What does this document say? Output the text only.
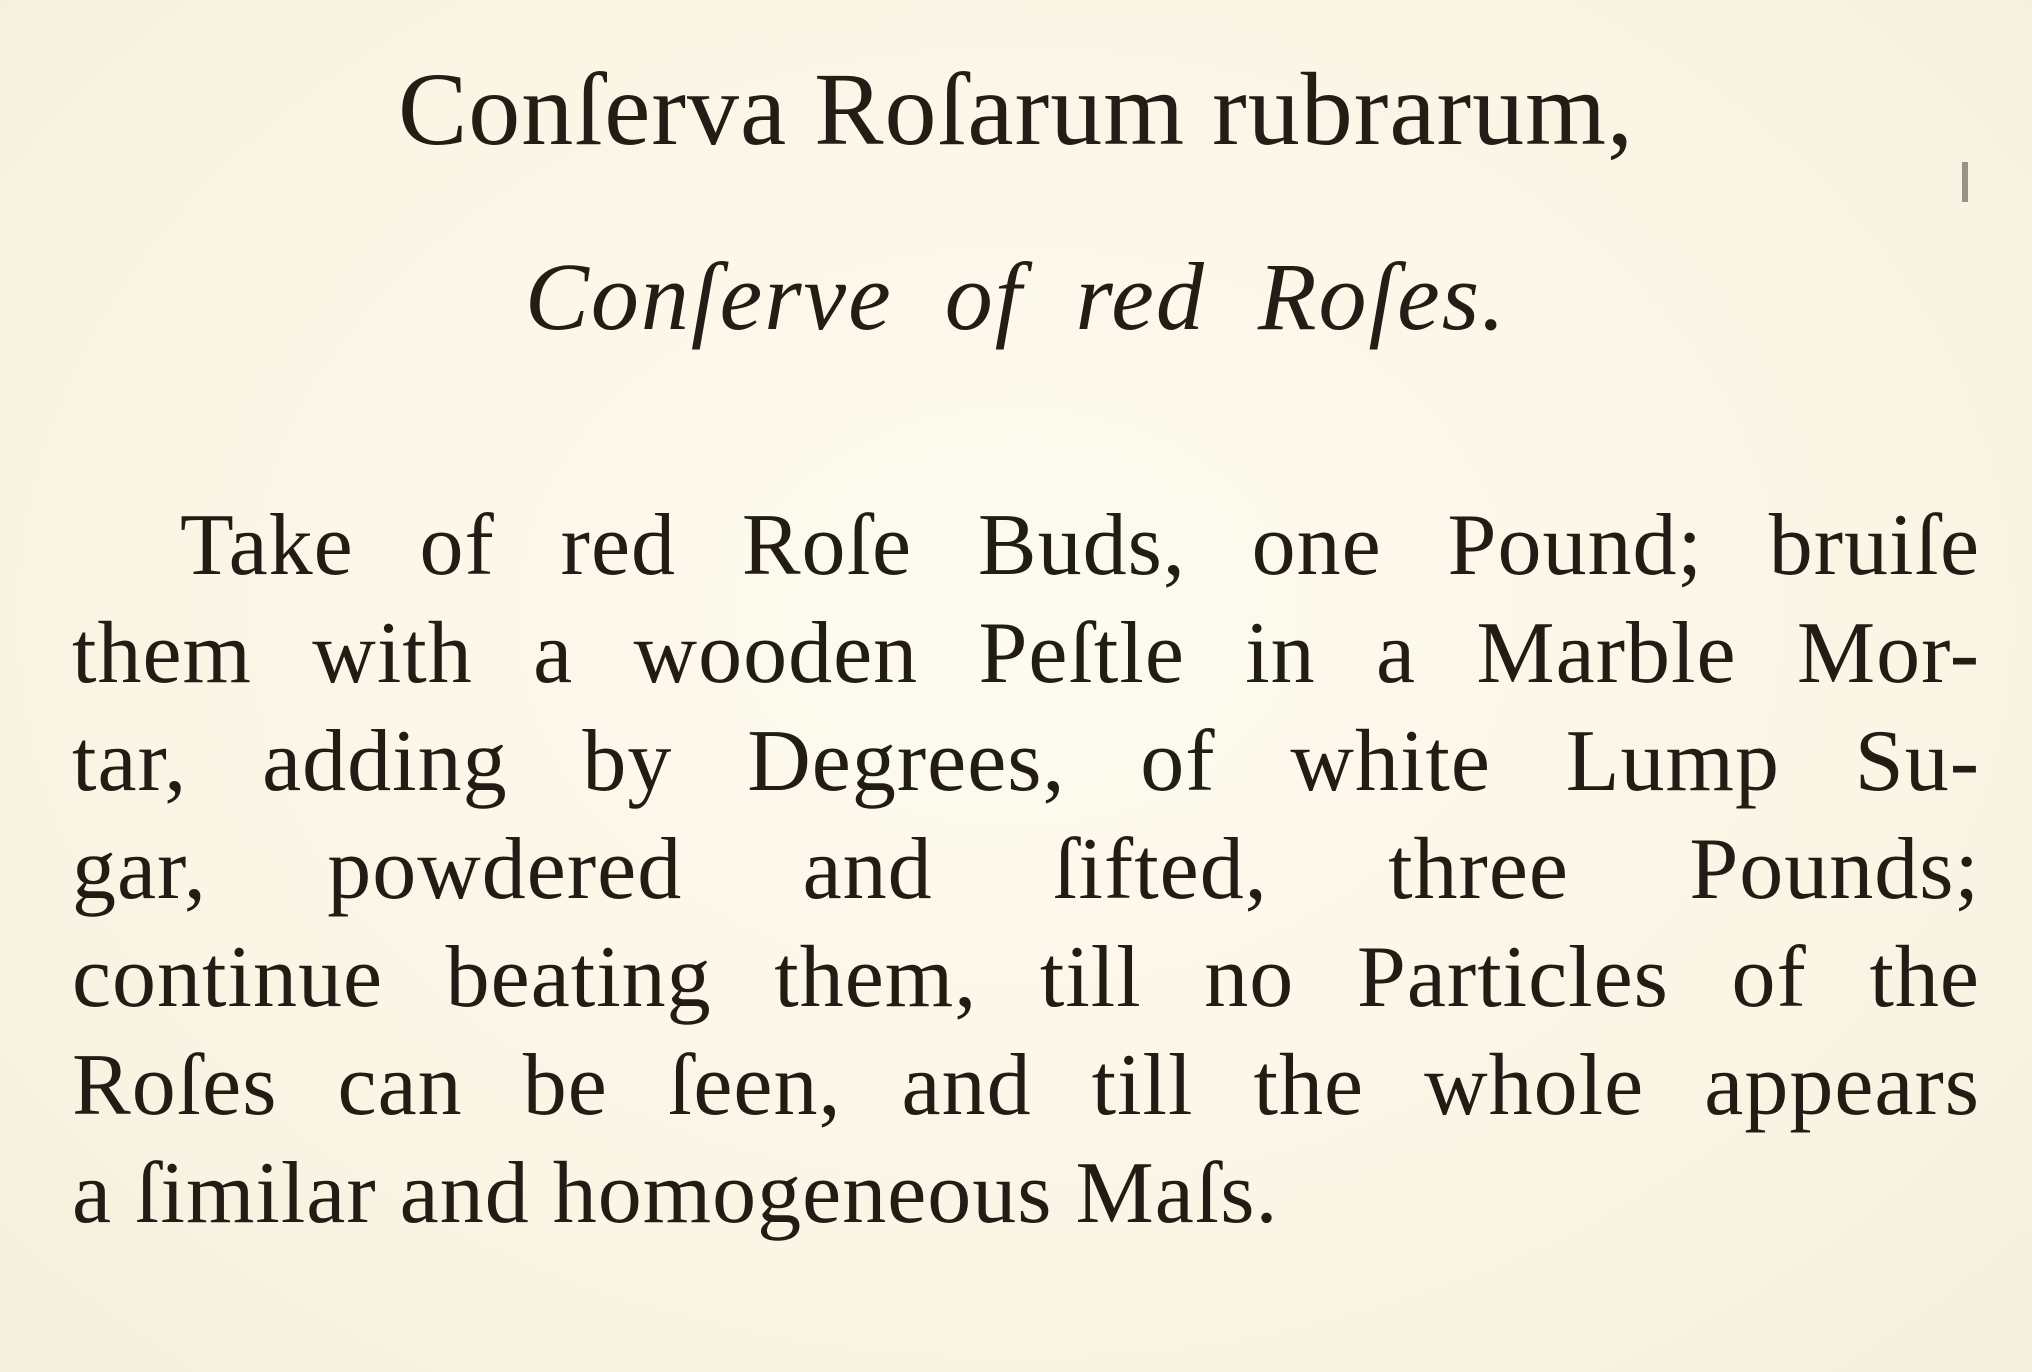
Conſerva Roſarum rubrarum,
Conſerve of red Roſes.
Take of red Roſe Buds, one Pound; bruiſe
them with a wooden Peſtle in a Marble Mor-
tar, adding by Degrees, of white Lump Su-
gar, powdered and ſifted, three Pounds;
continue beating them, till no Particles of the
Roſes can be ſeen, and till the whole appears
a ſimilar and homogeneous Maſs.
